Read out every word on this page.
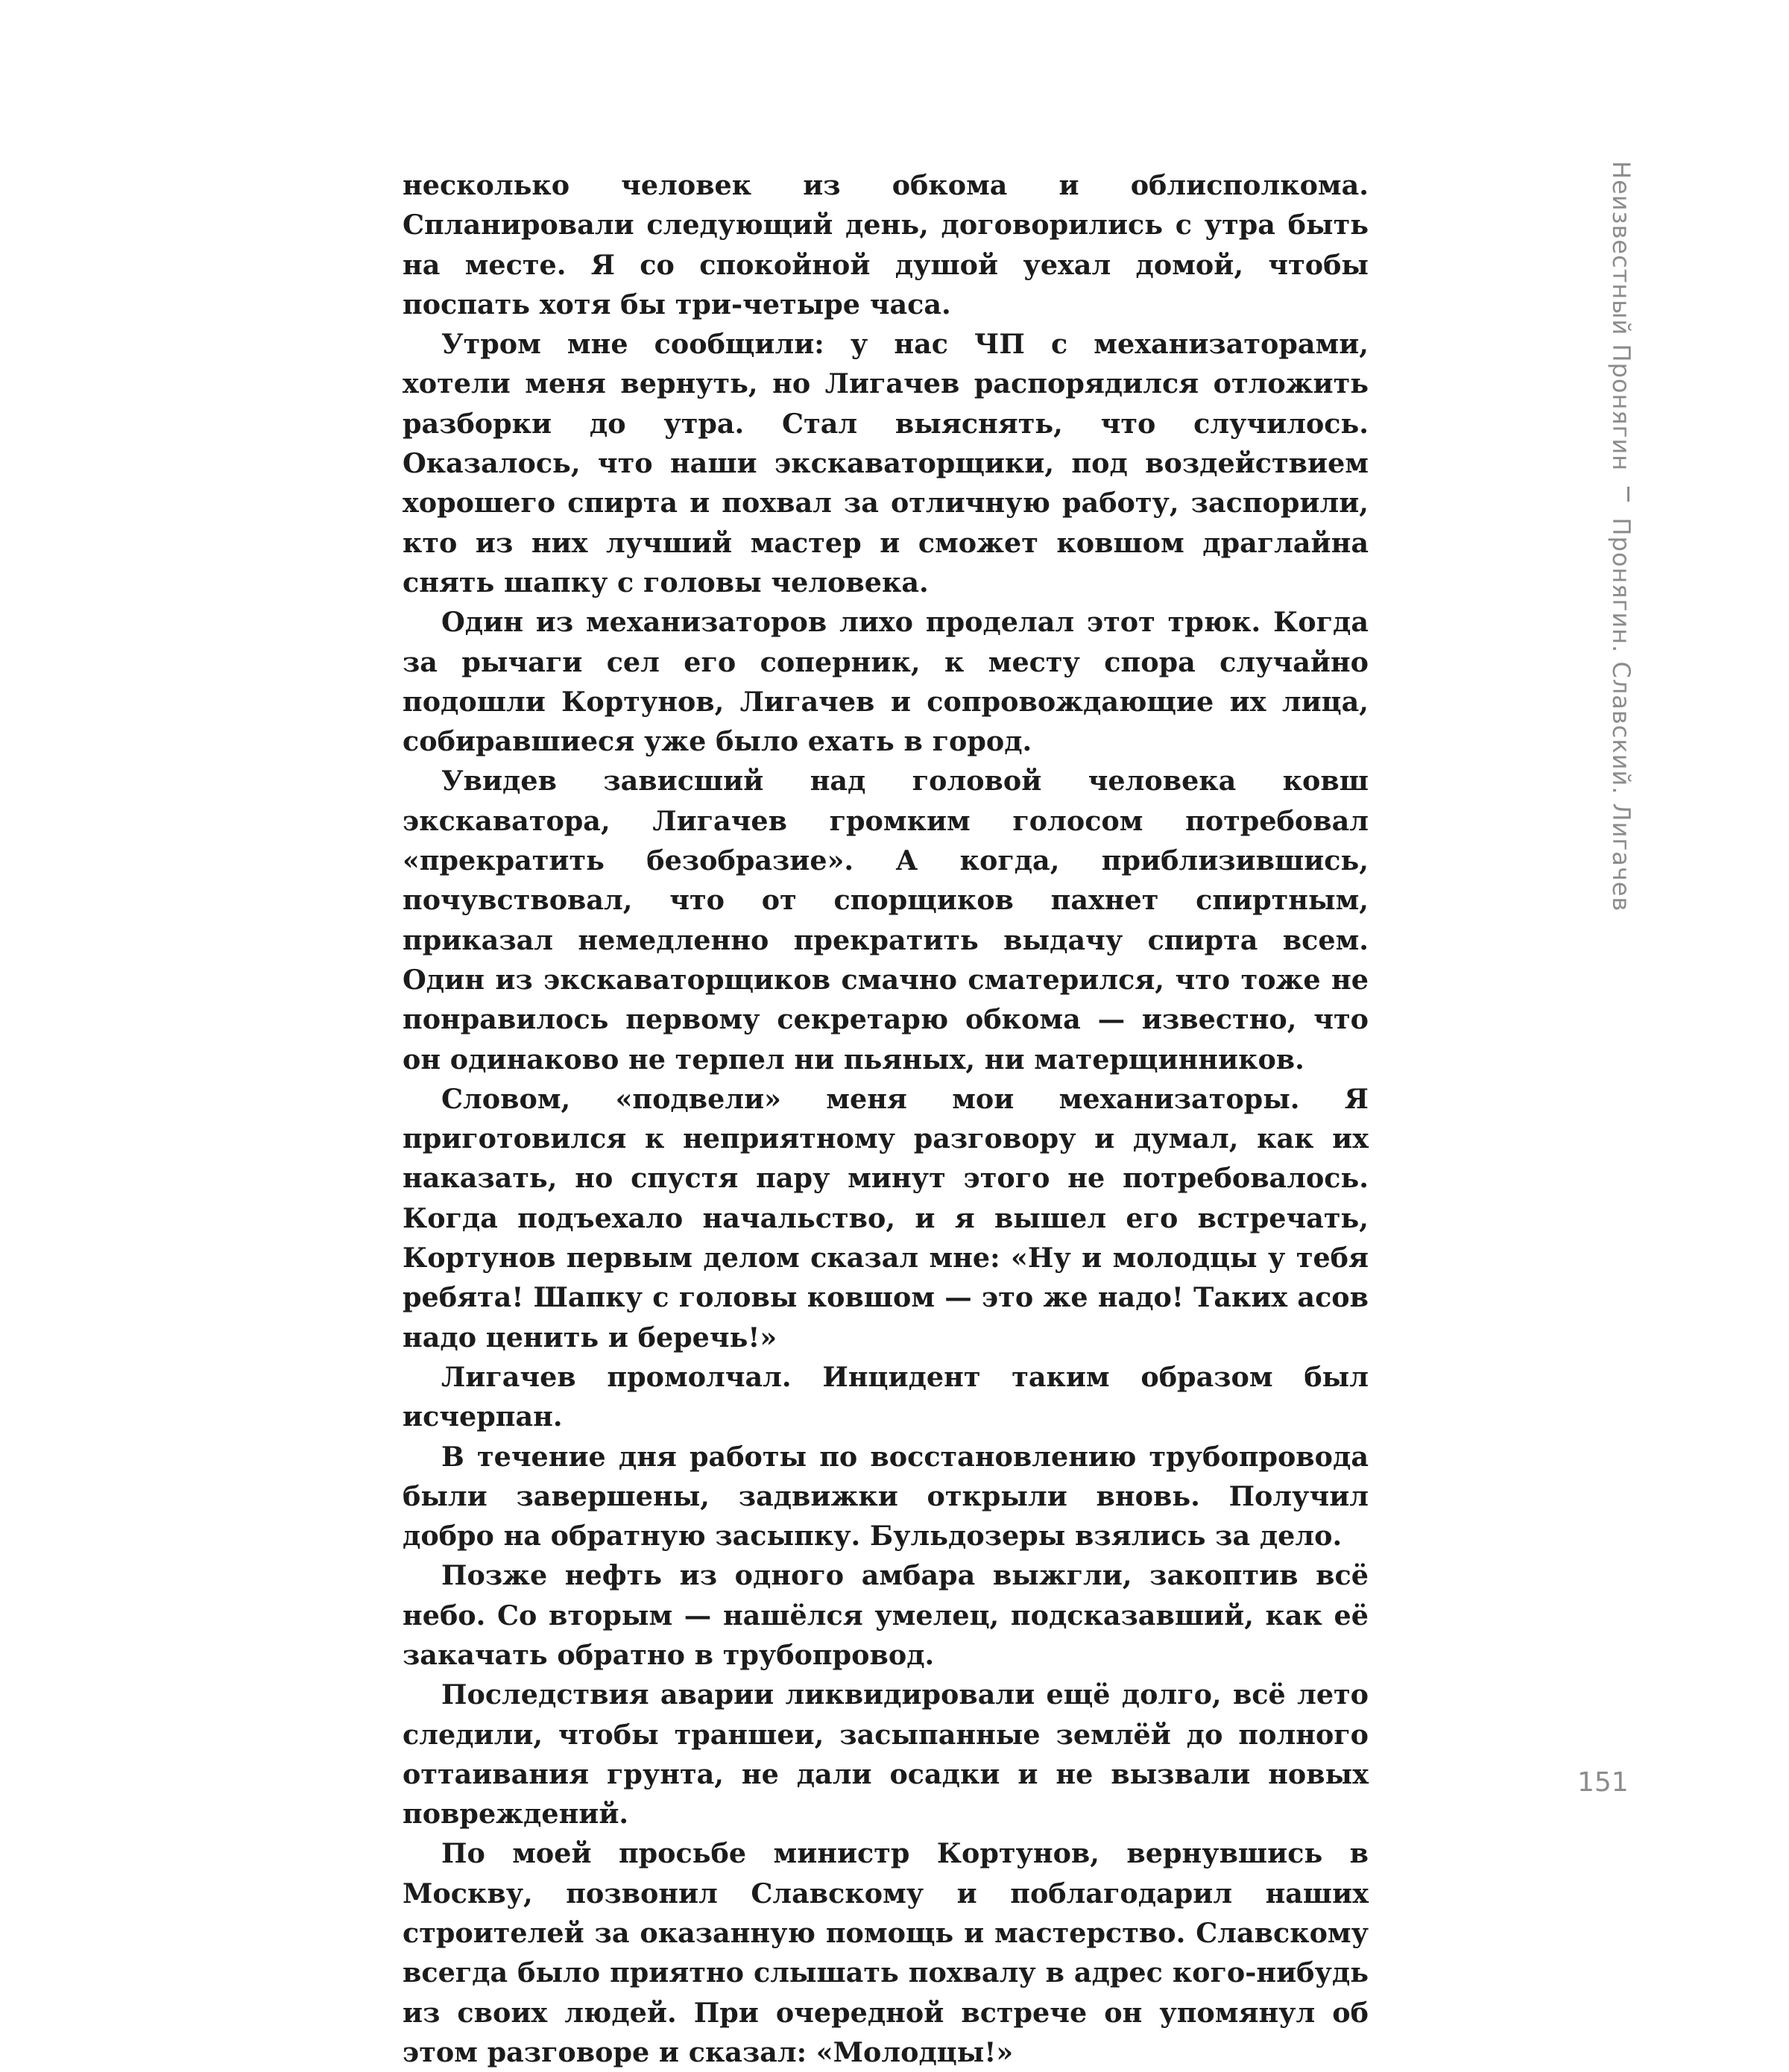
несколько человек из обкома и облисполкома. Спланировали следующий день, договорились с утра быть на месте. Я со спокойной душой уехал домой, чтобы поспать хотя бы три-четыре часа.

Утром мне сообщили: у нас ЧП с механизаторами, хотели меня вернуть, но Лигачев распорядился отложить разборки до утра. Стал выяснять, что случилось. Оказалось, что наши экскаваторщики, под воздействием хорошего спирта и похвал за отличную работу, заспорили, кто из них лучший мастер и сможет ковшом драглайна снять шапку с головы человека.

Один из механизаторов лихо проделал этот трюк. Когда за рычаги сел его соперник, к месту спора случайно подошли Кортунов, Лигачев и сопровождающие их лица, собиравшиеся уже было ехать в город.

Увидев зависший над головой человека ковш экскаватора, Лигачев громким голосом потребовал «прекратить безобразие». А когда, приблизившись, почувствовал, что от спорщиков пахнет спиртным, приказал немедленно прекратить выдачу спирта всем. Один из экскаваторщиков смачно сматерился, что тоже не понравилось первому секретарю обкома — известно, что он одинаково не терпел ни пьяных, ни матерщинников.

Словом, «подвели» меня мои механизаторы. Я приготовился к неприятному разговору и думал, как их наказать, но спустя пару минут этого не потребовалось. Когда подъехало начальство, и я вышел его встречать, Кортунов первым делом сказал мне: «Ну и молодцы у тебя ребята! Шапку с головы ковшом — это же надо! Таких асов надо ценить и беречь!»

Лигачев промолчал. Инцидент таким образом был исчерпан.

В течение дня работы по восстановлению трубопровода были завершены, задвижки открыли вновь. Получил добро на обратную засыпку. Бульдозеры взялись за дело.

Позже нефть из одного амбара выжгли, закоптив всё небо. Со вторым — нашёлся умелец, подсказавший, как её закачать обратно в трубопровод.

Последствия аварии ликвидировали ещё долго, всё лето следили, чтобы траншеи, засыпанные землёй до полного оттаивания грунта, не дали осадки и не вызвали новых повреждений.

По моей просьбе министр Кортунов, вернувшись в Москву, позвонил Славскому и поблагодарил наших строителей за оказанную помощь и мастерство. Славскому всегда было приятно слышать похвалу в адрес кого-нибудь из своих людей. При очередной встрече он упомянул об этом разговоре и сказал: «Молодцы!»

Неизвестный Пронягин  Пронягин. Славский. Лигачев
151
